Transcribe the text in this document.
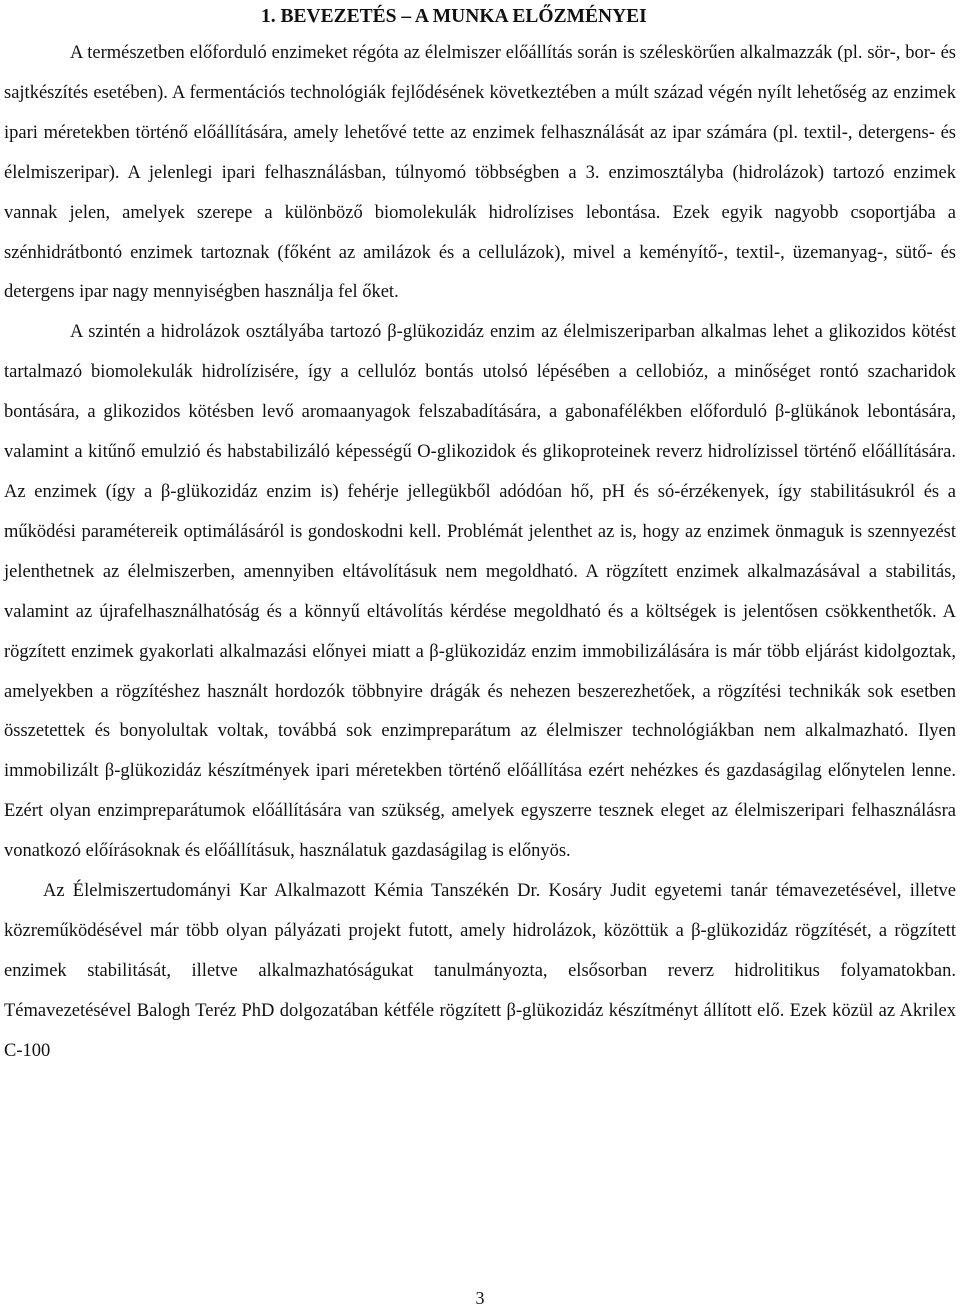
1. BEVEZETÉS – A MUNKA ELŐZMÉNYEI

A természetben előforduló enzimeket régóta az élelmiszer előállítás során is széleskörűen alkalmazzák (pl. sör-, bor- és sajtkészítés esetében). A fermentációs technológiák fejlődésének következtében a múlt század végén nyílt lehetőség az enzimek ipari méretekben történő előállítására, amely lehetővé tette az enzimek felhasználását az ipar számára (pl. textil-, detergens- és élelmiszeripar). A jelenlegi ipari felhasználásban, túlnyomó többségben a 3. enzimosztályba (hidrolázok) tartozó enzimek vannak jelen, amelyek szerepe a különböző biomolekulák hidrolízises lebontása. Ezek egyik nagyobb csoportjába a szénhidrátbontó enzimek tartoznak (főként az amilázok és a cellulázok), mivel a keményítő-, textil-, üzemanyag-, sütő- és detergens ipar nagy mennyiségben használja fel őket.

A szintén a hidrolázok osztályába tartozó β-glükozidáz enzim az élelmiszeriparban alkalmas lehet a glikozidos kötést tartalmazó biomolekulák hidrolízisére, így a cellulóz bontás utolsó lépésében a cellobióz, a minőséget rontó szacharidok bontására, a glikozidos kötésben levő aromaanyagok felszabadítására, a gabonafélékben előforduló β-glükánok lebontására, valamint a kitűnő emulzió és habstabilizáló képességű O-glikozidok és glikoproteinek reverz hidrolízissel történő előállítására. Az enzimek (így a β-glükozidáz enzim is) fehérje jellegükből adódóan hő, pH és só-érzékenyek, így stabilitásukról és a működési paramétereik optimálásáról is gondoskodni kell. Problémát jelenthet az is, hogy az enzimek önmaguk is szennyezést jelenthetnek az élelmiszerben, amennyiben eltávolításuk nem megoldható. A rögzített enzimek alkalmazásával a stabilitás, valamint az újrafelhasználhatóság és a könnyű eltávolítás kérdése megoldható és a költségek is jelentősen csökkenthetők. A rögzített enzimek gyakorlati alkalmazási előnyei miatt a β-glükozidáz enzim immobilizálására is már több eljárást kidolgoztak, amelyekben a rögzítéshez használt hordozók többnyire drágák és nehezen beszerezhetőek, a rögzítési technikák sok esetben összetettek és bonyolultak voltak, továbbá sok enzimpreparátum az élelmiszer technológiákban nem alkalmazható. Ilyen immobilizált β-glükozidáz készítmények ipari méretekben történő előállítása ezért nehézkes és gazdaságilag előnytelen lenne. Ezért olyan enzimpreparátumok előállítására van szükség, amelyek egyszerre tesznek eleget az élelmiszeripari felhasználásra vonatkozó előírásoknak és előállításuk, használatuk gazdaságilag is előnyös.

Az Élelmiszertudományi Kar Alkalmazott Kémia Tanszékén Dr. Kosáry Judit egyetemi tanár témavezetésével, illetve közreműködésével már több olyan pályázati projekt futott, amely hidrolázok, közöttük a β-glükozidáz rögzítését, a rögzített enzimek stabilitását, illetve alkalmazhatóságukat tanulmányozta, elsősorban reverz hidrolitikus folyamatokban. Témavezetésével Balogh Teréz PhD dolgozatában kétféle rögzített β-glükozidáz készítményt állított elő. Ezek közül az Akrilex C-100

3
